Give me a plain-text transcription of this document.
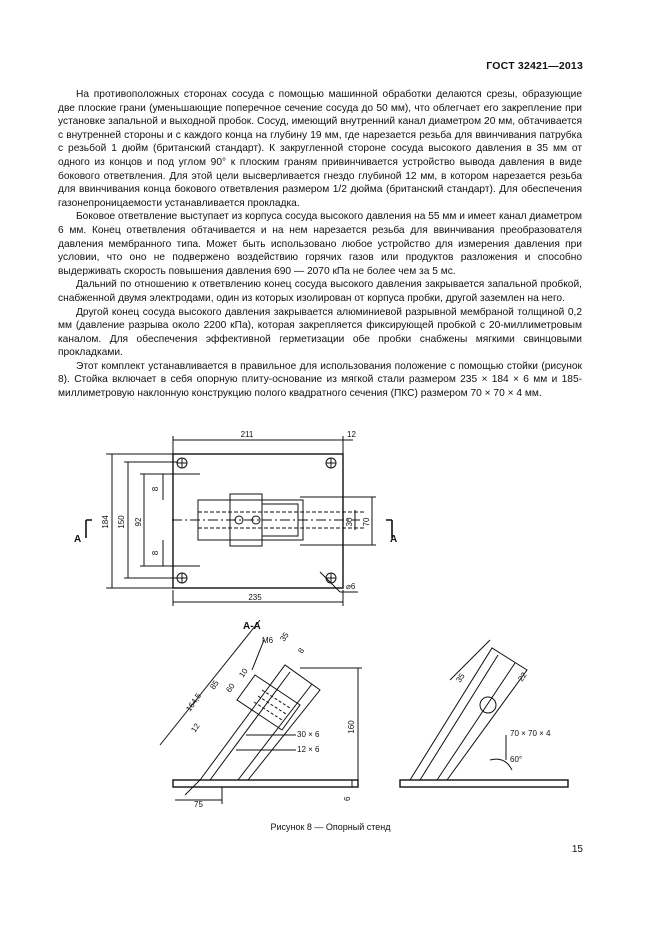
ГОСТ 32421—2013

На противоположных сторонах сосуда с помощью машинной обработки делаются срезы, образующие две плоские грани (уменьшающие поперечное сечение сосуда до 50 мм), что облегчает его закрепление при установке запальной и выходной пробок. Сосуд, имеющий внутренний канал диаметром 20 мм, обтачивается с внутренней стороны и с каждого конца на глубину 19 мм, где нарезается резьба для ввинчивания патрубка с резьбой 1 дюйм (британский стандарт). К закругленной стороне сосуда высокого давления в 35 мм от одного из концов и под углом 90° к плоским граням привинчивается устройство вывода давления в виде бокового ответвления. Для этой цели высверливается гнездо глубиной 12 мм, в котором нарезается резьба для ввинчивания конца бокового ответвления размером 1/2 дюйма (британский стандарт). Для обеспечения газонепроницаемости устанавливается прокладка.

Боковое ответвление выступает из корпуса сосуда высокого давления на 55 мм и имеет канал диаметром 6 мм. Конец ответвления обтачивается и на нем нарезается резьба для ввинчивания преобразователя давления мембранного типа. Может быть использовано любое устройство для измерения давления при условии, что оно не подвержено воздействию горячих газов или продуктов разложения и способно выдерживать скорость повышения давления 690 — 2070 кПа не более чем за 5 мс.

Дальний по отношению к ответвлению конец сосуда высокого давления закрывается запальной пробкой, снабженной двумя электродами, один из которых изолирован от корпуса пробки, другой заземлен на него.

Другой конец сосуда высокого давления закрывается алюминиевой разрывной мембраной толщиной 0,2 мм (давление разрыва около 2200 кПа), которая закрепляется фиксирующей пробкой с 20-миллиметровым каналом. Для обеспечения эффективной герметизации обе пробки снабжены мягкими свинцовыми прокладками.

Этот комплект устанавливается в правильное для использования положение с помощью стойки (рисунок 8). Стойка включает в себя опорную плиту-основание из мягкой стали размером 235 × 184 × 6 мм и 185-миллиметровую наклонную конструкцию полого квадратного сечения (ПКС) размером 70 × 70 × 4 мм.

211	12
235
184 150 92
8
8
30 70
⌀6
А	А
А-А
М6 35
8
10
60
85
164,5
12
30 × 6
12 × 6
160
75
6
35	22
70 × 70 × 4
60°
Рисунок 8 — Опорный стенд
15
